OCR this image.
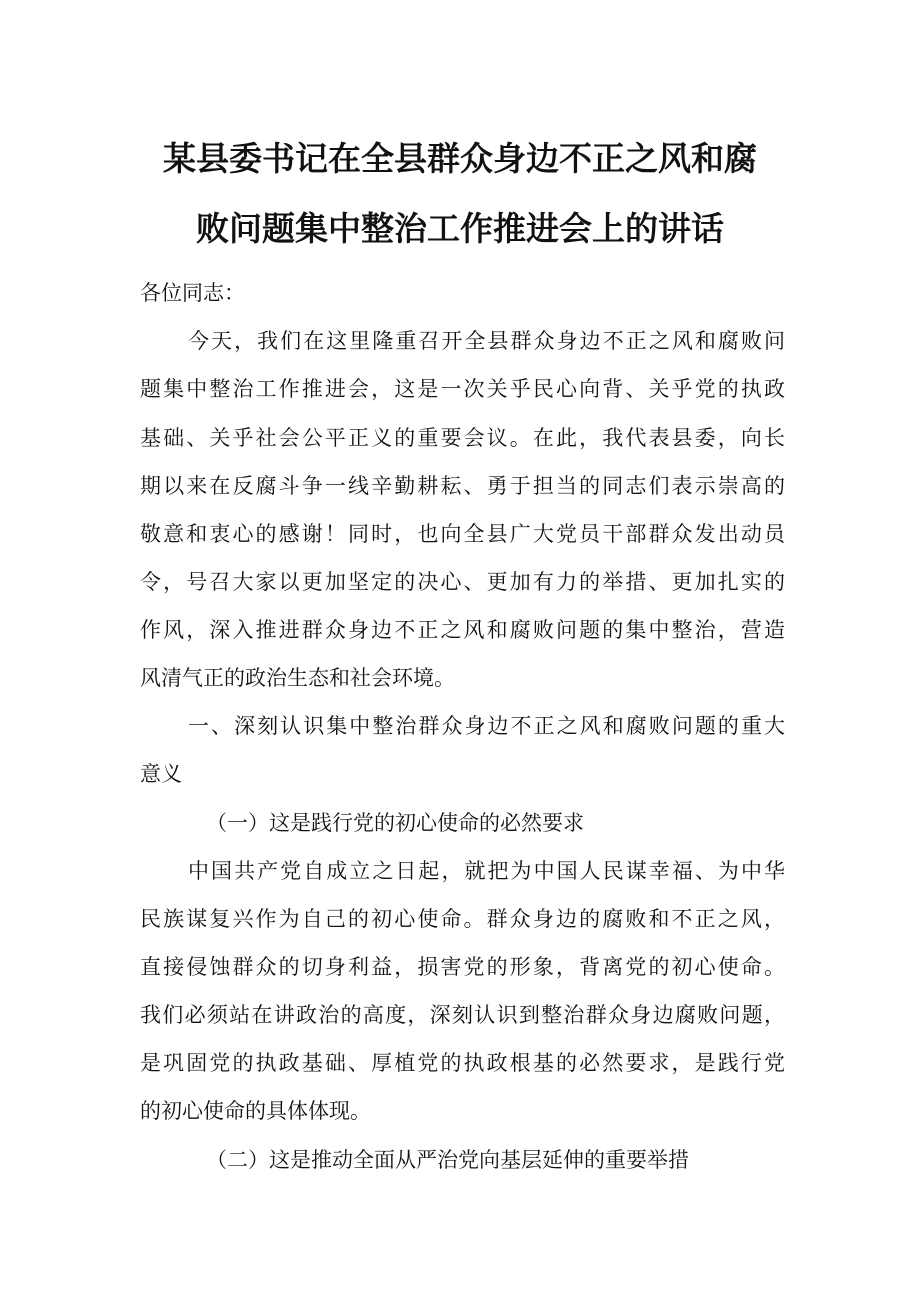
某县委书记在全县群众身边不正之风和腐
败问题集中整治工作推进会上的讲话
各位同志：
今天，我们在这里隆重召开全县群众身边不正之风和腐败问
题集中整治工作推进会，这是一次关乎民心向背、关乎党的执政
基础、关乎社会公平正义的重要会议。在此，我代表县委，向长
期以来在反腐斗争一线辛勤耕耘、勇于担当的同志们表示崇高的
敬意和衷心的感谢！同时，也向全县广大党员干部群众发出动员
令，号召大家以更加坚定的决心、更加有力的举措、更加扎实的
作风，深入推进群众身边不正之风和腐败问题的集中整治，营造
风清气正的政治生态和社会环境。
一、深刻认识集中整治群众身边不正之风和腐败问题的重大
意义
（一）这是践行党的初心使命的必然要求
中国共产党自成立之日起，就把为中国人民谋幸福、为中华
民族谋复兴作为自己的初心使命。群众身边的腐败和不正之风，
直接侵蚀群众的切身利益，损害党的形象，背离党的初心使命。
我们必须站在讲政治的高度，深刻认识到整治群众身边腐败问题，
是巩固党的执政基础、厚植党的执政根基的必然要求，是践行党
的初心使命的具体体现。
（二）这是推动全面从严治党向基层延伸的重要举措
